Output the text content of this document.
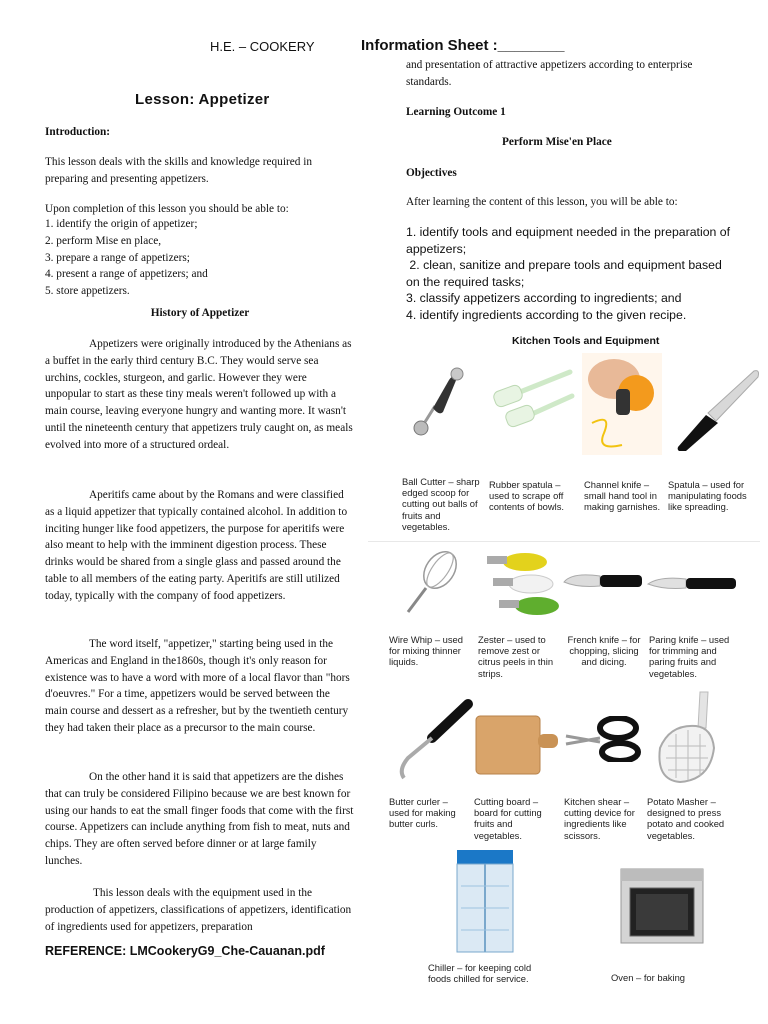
H.E. – COOKERY	Information Sheet :________
Lesson: Appetizer
Introduction:
This lesson deals with the skills and knowledge required in preparing and presenting appetizers.
Upon completion of this lesson you should be able to:

1. identify the origin of appetizer;

2. perform Mise en place,

3. prepare a range of appetizers;

4. present a range of appetizers; and

5. store appetizers.

History of Appetizer

Appetizers were originally introduced by the Athenians as a buffet in the early third century B.C. They would serve sea urchins, cockles, sturgeon, and garlic. However they were unpopular to start as these tiny meals weren't followed up with a main course, leaving everyone hungry and wanting more. It wasn't until the nineteenth century that appetizers truly caught on, as meals evolved into more of a structured ordeal.

Aperitifs came about by the Romans and were classified as a liquid appetizer that typically contained alcohol. In addition to inciting hunger like food appetizers, the purpose for aperitifs were also meant to help with the imminent digestion process. These drinks would be shared from a single glass and passed around the table to all members of the eating party. Aperitifs are still utilized today, typically with the company of food appetizers.

The word itself, "appetizer," starting being used in the Americas and England in the1860s, though it's only reason for existence was to have a word with more of a local flavor than "hors d'oeuvres." For a time, appetizers would be served between the main course and dessert as a refresher, but by the twentieth century they had taken their place as a precursor to the main course.

On the other hand it is said that appetizers are the dishes that can truly be considered Filipino because we are best known for using our hands to eat the small finger foods that come with the first course. Appetizers can include anything from fish to meat, nuts and chips. They are often served before dinner or at large family lunches.

This lesson deals with the equipment used in the production of appetizers, classifications of appetizers, identification of ingredients used for appetizers, preparation

REFERENCE: LMCookeryG9_Che-Cauanan.pdf
and presentation of attractive appetizers according to enterprise standards.
Learning Outcome 1
Perform Mise'en Place
Objectives
After learning the content of this lesson, you will be able to:

1. identify tools and equipment needed in the preparation of appetizers;

2. clean, sanitize and prepare tools and equipment based on the required tasks;

3. classify appetizers according to ingredients; and

4. identify ingredients according to the given recipe.

Kitchen Tools and Equipment
Ball Cutter – sharp edged scoop for cutting out balls of fruits and vegetables.
Rubber spatula – used to scrape off contents of bowls.
Channel knife – small hand tool in making garnishes.
Spatula – used for manipulating foods like spreading.
Wire Whip – used for mixing thinner liquids.
Zester – used to remove zest or citrus peels in thin strips.
French knife – for chopping, slicing and dicing.
Paring knife – used for trimming and paring fruits and vegetables.
Butter curler – used for making butter curls.
Cutting board – board for cutting fruits and vegetables.
Kitchen shear – cutting device for ingredients like scissors.
Potato Masher – designed to press potato and cooked vegetables.
Chiller – for keeping cold foods chilled for service.	Oven – for baking
